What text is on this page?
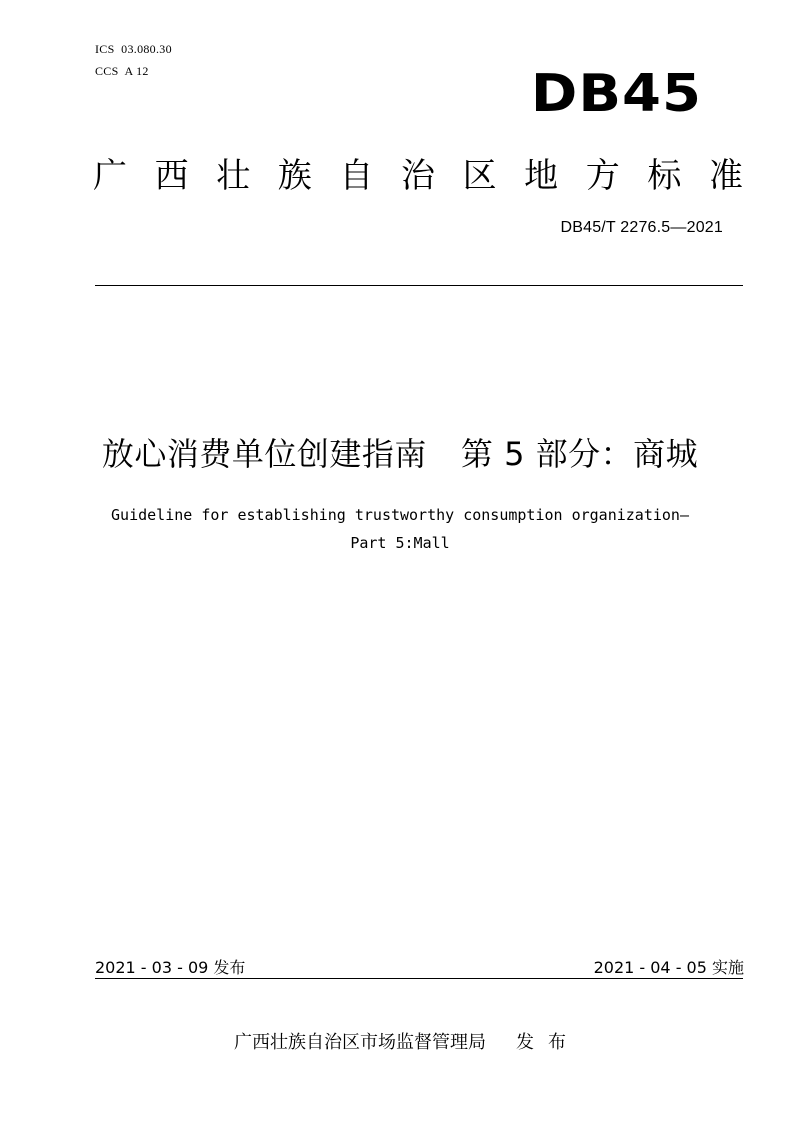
ICS  03.080.30
CCS  A 12	DB45
广 西 壮 族 自 治 区 地 方 标 准
DB45/T 2276.5—2021
放心消费单位创建指南 第 5 部分：商城
Guideline for establishing trustworthy consumption organization—
Part 5:Mall
2021 - 03 - 09 发布	2021 - 04 - 05 实施
广西壮族自治区市场监督管理局 发 布
